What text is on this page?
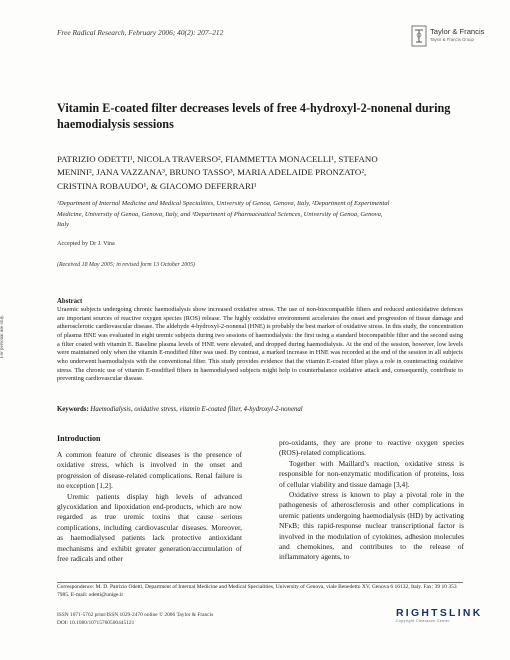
Free Radical Research, February 2006; 40(2): 207–212	Taylor & Francis
Taylor & Francis Group
For personal use only.
Vitamin E-coated filter decreases levels of free 4-hydroxyl-2-nonenal during haemodialysis sessions
PATRIZIO ODETTI¹, NICOLA TRAVERSO², FIAMMETTA MONACELLI¹, STEFANO
MENINI², JANA VAZZANA³, BRUNO TASSO³, MARIA ADELAIDE PRONZATO²,
CRISTINA ROBAUDO¹, & GIACOMO DEFERRARI¹
¹Department of Internal Medicine and Medical Specialities, University of Genoa, Genova, Italy, ²Department of Experimental
Medicine, University of Genoa, Genova, Italy, and ³Department of Pharmaceutical Sciences, University of Genoa, Genova,
Italy
Accepted by Dr J. Vina
(Received 18 May 2005; in revised form 13 October 2005)
Abstract
Uraemic subjects undergoing chronic haemodialysis show increased oxidative stress. The use of non-biocompatible filters and reduced antioxidative defences are important sources of reactive oxygen species (ROS) release. The highly oxidative environment accelerates the onset and progression of tissue damage and atherosclerotic cardiovascular disease. The aldehyde 4-hydroxyl-2-nonenal (HNE) is probably the best marker of oxidative stress. In this study, the concentration of plasma HNE was evaluated in eight uremic subjects during two sessions of haemodialysis: the first using a standard biocompatible filter and the second using a filter coated with vitamin E. Baseline plasma levels of HNE were elevated, and dropped during haemodialysis. At the end of the session, however, low levels were maintained only when the vitamin E-modified filter was used. By contrast, a marked increase in HNE was recorded at the end of the session in all subjects who underwent haemodialysis with the conventional filter. This study provides evidence that the vitamin E-coated filter plays a role in counteracting oxidative stress. The chronic use of vitamin E-modified filters in haemodialysed subjects might help to counterbalance oxidative attack and, consequently, contribute to preventing cardiovascular disease.
Keywords: Haemodialysis, oxidative stress, vitamin E-coated filter, 4-hydroxyl-2-nonenal
Introduction

A common feature of chronic diseases is the presence of oxidative stress, which is involved in the onset and progression of disease-related complications. Renal failure is no exception [1,2].

Uremic patients display high levels of advanced glycoxidation and lipoxidation end-products, which are now regarded as true uremic toxins that cause serious complications, including cardiovascular diseases. Moreover, as haemodialysed patients lack protective antioxidant mechanisms and exhibit greater generation/accumulation of free radicals and other

pro-oxidants, they are prone to reactive oxygen species (ROS)-related complications.

Together with Maillard’s reaction, oxidative stress is responsible for non-enzymatic modification of proteins, loss of cellular viability and tissue damage [3,4].

Oxidative stress is known to play a pivotal role in the pathogenesis of atherosclerosis and other complications in uremic patients undergoing haemodialysis (HD) by activating NFκB; this rapid-response nuclear transcriptional factor is involved in the modulation of cytokines, adhesion molecules and chemokines, and contributes to the release of inflammatory agents, to

Correspondence: M. D. Patrizio Odetti, Department of Internal Medicine and Medical Specialities, University of Genova, viale Benedetto XV, Genova 6 16132, Italy. Fax: 39 10 353 7985. E-mail: odetti@unige.it
ISSN 1071-5762 print/ISSN 1029-2470 online © 2006 Taylor & Francis
DOI: 10.1080/10715760500445121
RIGHTSLINK
Copyright Clearance Center
